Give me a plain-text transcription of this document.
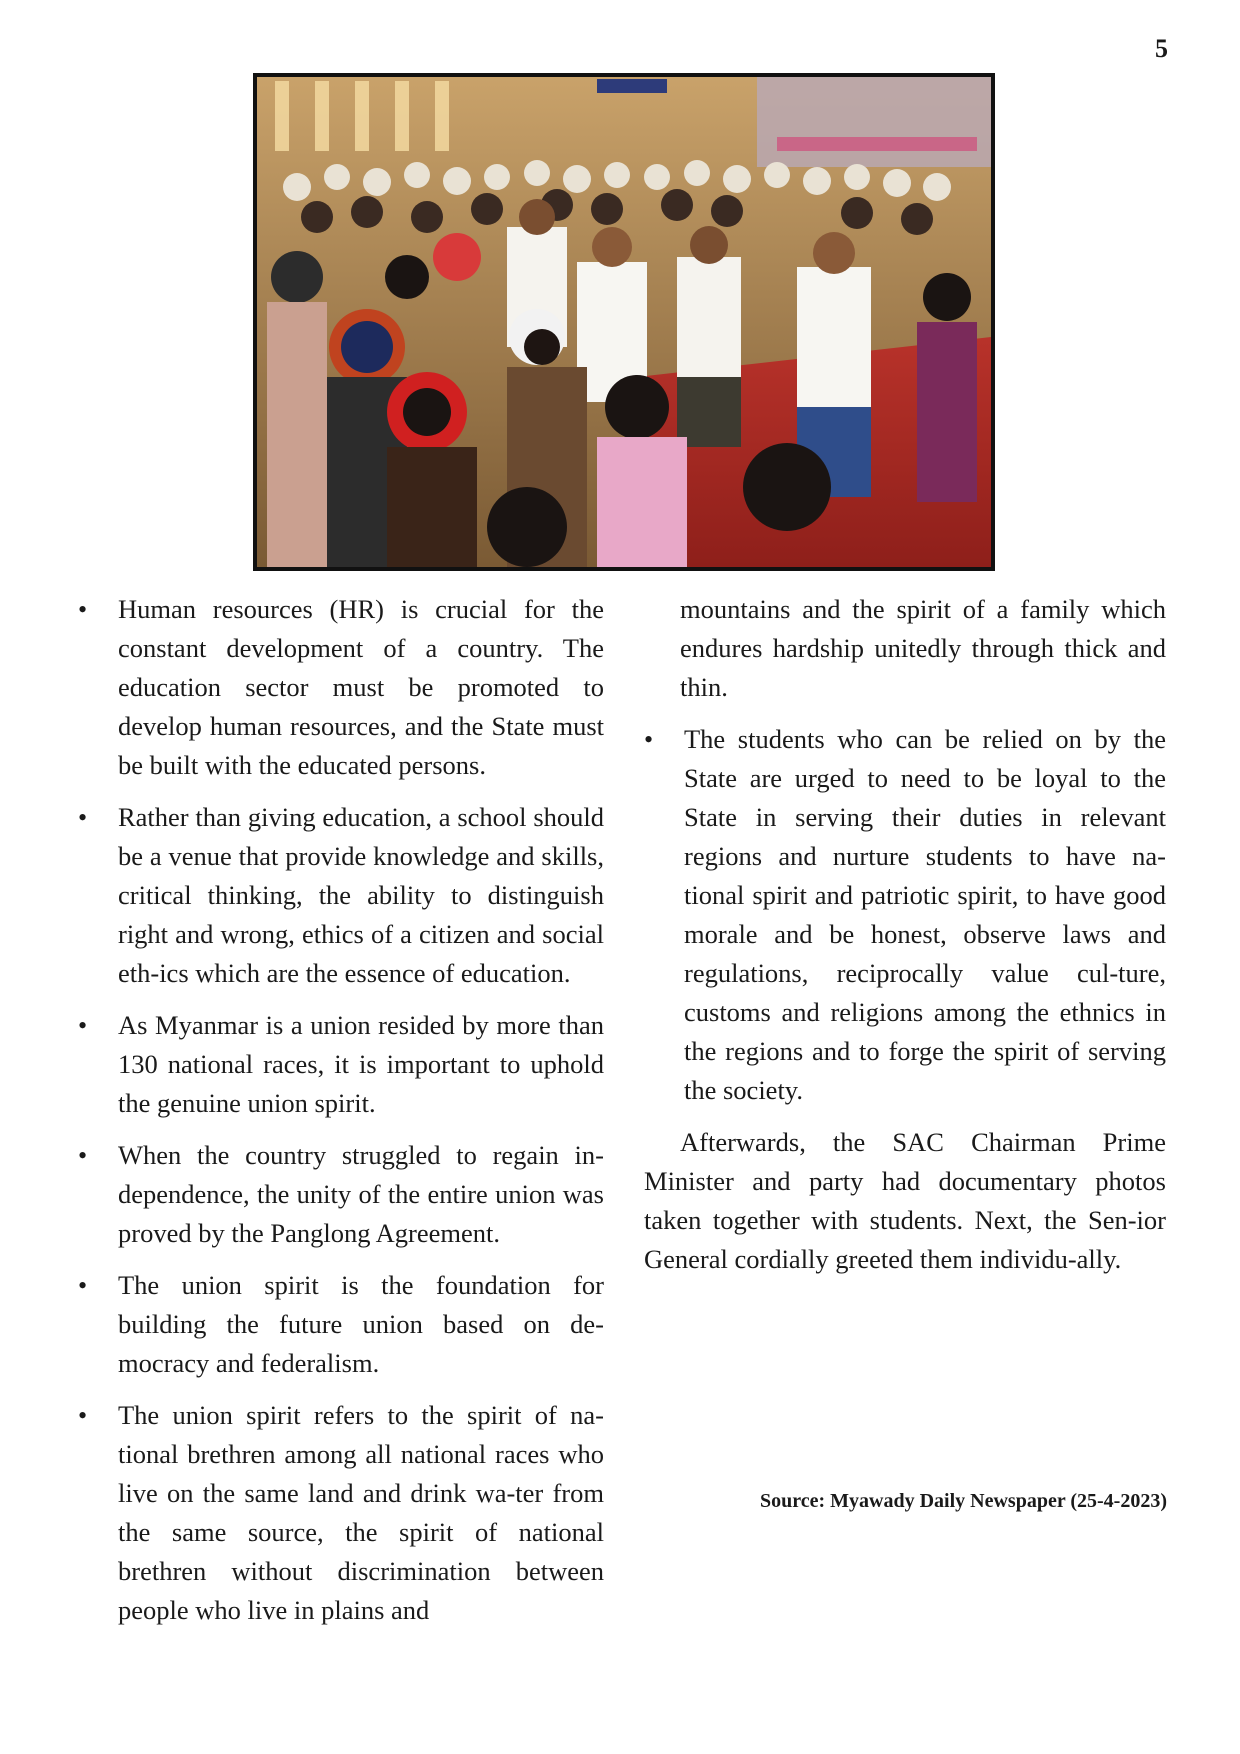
5
• Human resources (HR) is crucial for the constant development of a country. The education sector must be promoted to develop human resources, and the State must be built with the educated persons.
• Rather than giving education, a school should be a venue that provide knowledge and skills, critical thinking, the ability to distinguish right and wrong, ethics of a citizen and social eth-ics which are the essence of education.
• As Myanmar is a union resided by more than 130 national races, it is important to uphold the genuine union spirit.
• When the country struggled to regain in-dependence, the unity of the entire union was proved by the Panglong Agreement.
• The union spirit is the foundation for building the future union based on de-mocracy and federalism.
• The union spirit refers to the spirit of na-tional brethren among all national races who live on the same land and drink wa-ter from the same source, the spirit of national brethren without discrimination between people who live in plains and

mountains and the spirit of a family which endures hardship unitedly through thick and thin.

• The students who can be relied on by the State are urged to need to be loyal to the State in serving their duties in relevant regions and nurture students to have na-tional spirit and patriotic spirit, to have good morale and be honest, observe laws and regulations, reciprocally value cul-ture, customs and religions among the ethnics in the regions and to forge the spirit of serving the society.

Afterwards, the SAC Chairman Prime Minister and party had documentary photos taken together with students. Next, the Sen-ior General cordially greeted them individu-ally.

Source: Myawady Daily Newspaper (25-4-2023)
